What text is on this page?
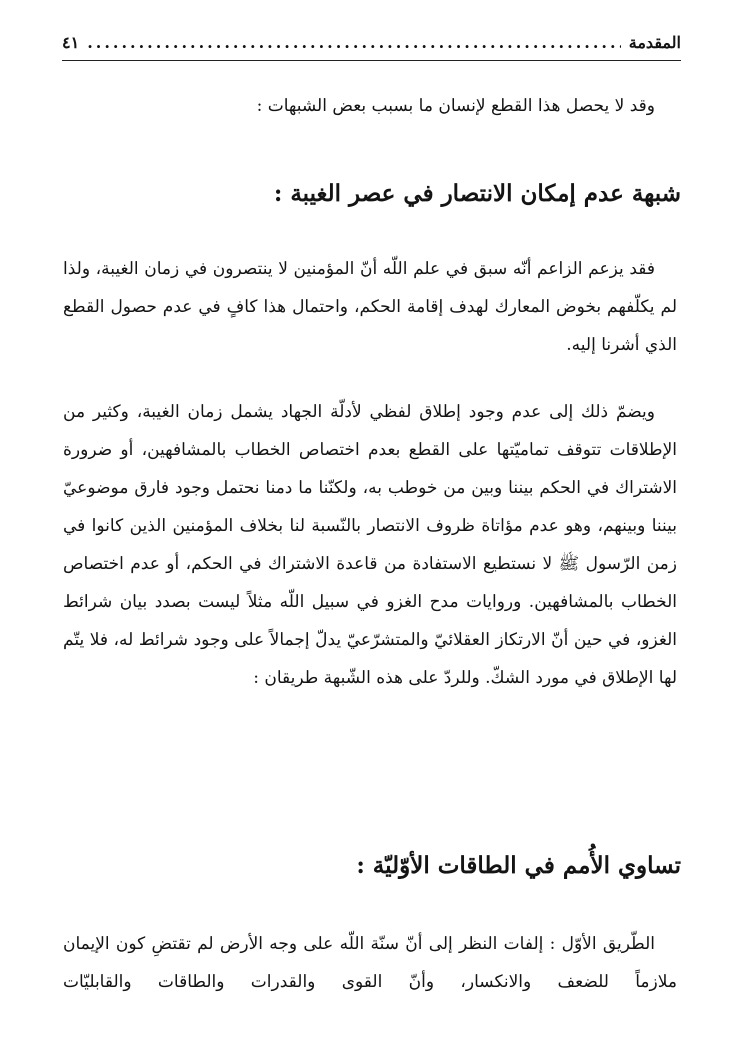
المقدمة
.....
٤١
وقد لا يحصل هذا القطع لإنسان ما بسبب بعض الشبهات :
شبهة عدم إمكان الانتصار في عصر الغيبة :
فقد يزعم الزاعم أنّه سبق في علم اللّه أنّ المؤمنين لا ينتصرون في زمان الغيبة، ولذا لم يكلّفهم بخوض المعارك لهدف إقامة الحكم، واحتمال هذا كافٍ في عدم حصول القطع الذي أشرنا إليه.
ويضمّ ذلك إلى عدم وجود إطلاق لفظي لأدلّة الجهاد يشمل زمان الغيبة، وكثير من الإطلاقات تتوقف تماميّتها على القطع بعدم اختصاص الخطاب بالمشافهين، أو ضرورة الاشتراك في الحكم بيننا وبين من خوطب به، ولكنّنا ما دمنا نحتمل وجود فارق موضوعيّ بيننا وبينهم، وهو عدم مؤاتاة ظروف الانتصار بالنّسبة لنا بخلاف المؤمنين الذين كانوا في زمن الرّسول ﷺ لا نستطيع الاستفادة من قاعدة الاشتراك في الحكم، أو عدم اختصاص الخطاب بالمشافهين. وروايات مدح الغزو في سبيل اللّه مثلاً ليست بصدد بيان شرائط الغزو، في حين أنّ الارتكاز العقلائيّ والمتشرّعيّ يدلّ إجمالاً على وجود شرائط له، فلا يتّم لها الإطلاق في مورد الشكّ. وللردّ على هذه الشّبهة طريقان :
تساوي الأُمم في الطاقات الأوّليّة :
الطّريق الأوّل : إلفات النظر إلى أنّ سنّة اللّه على وجه الأرض لم تقتضِ كون الإيمان ملازماً للضعف والانكسار، وأنّ القوى والقدرات والطاقات والقابليّات
